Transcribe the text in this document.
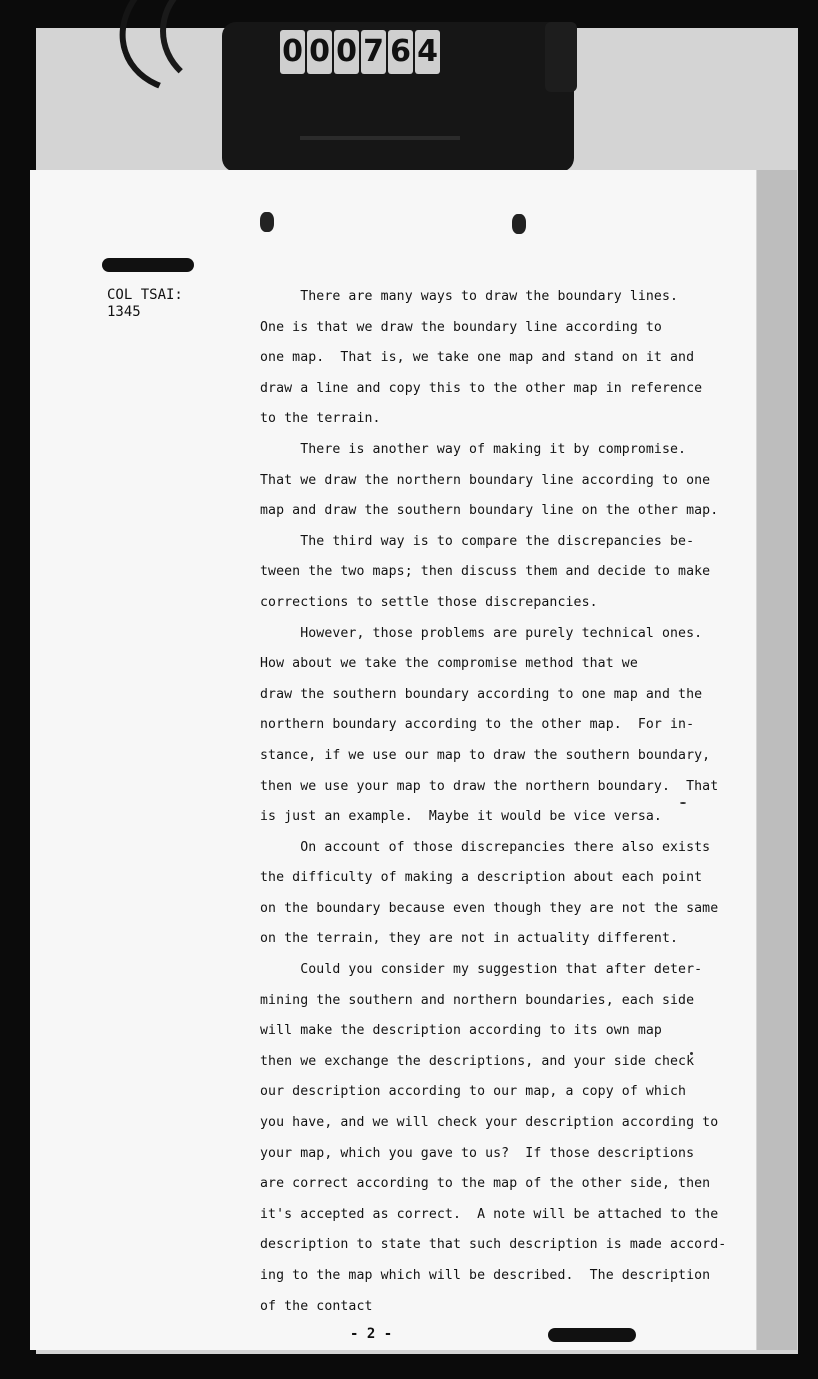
0 0 0 7 6 4
COL TSAI:
1345
There are many ways to draw the boundary lines.
One is that we draw the boundary line according to
one map.  That is, we take one map and stand on it and
draw a line and copy this to the other map in reference
to the terrain.
There is another way of making it by compromise.
That we draw the northern boundary line according to one
map and draw the southern boundary line on the other map.
The third way is to compare the discrepancies be-
tween the two maps; then discuss them and decide to make
corrections to settle those discrepancies.
However, those problems are purely technical ones.
How about we take the compromise method that we
draw the southern boundary according to one map and the
northern boundary according to the other map.  For in-
stance, if we use our map to draw the southern boundary,
then we use your map to draw the northern boundary.  That
is just an example.  Maybe it would be vice versa.
On account of those discrepancies there also exists
the difficulty of making a description about each point
on the boundary because even though they are not the same
on the terrain, they are not in actuality different.
Could you consider my suggestion that after deter-
mining the southern and northern boundaries, each side
will make the description according to its own map
then we exchange the descriptions, and your side check
our description according to our map, a copy of which
you have, and we will check your description according to
your map, which you gave to us?  If those descriptions
are correct according to the map of the other side, then
it's accepted as correct.  A note will be attached to the
description to state that such description is made accord-
ing to the map which will be described.  The description
of the contact
- 2 -
